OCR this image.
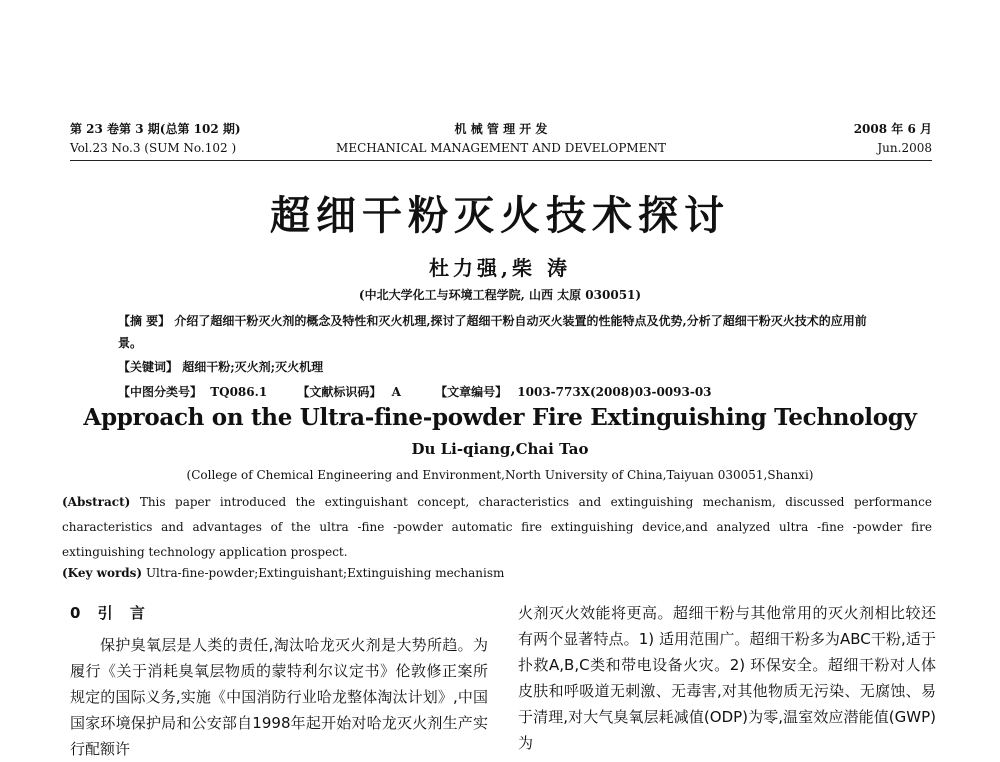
第 23 卷第 3 期(总第 102 期)
Vol.23 No.3 (SUM No.102 )
机 械 管 理 开 发
MECHANICAL MANAGEMENT AND DEVELOPMENT
2008 年 6 月
Jun.2008
超细干粉灭火技术探讨
杜力强,柴 涛
(中北大学化工与环境工程学院, 山西 太原 030051)
【摘 要】 介绍了超细干粉灭火剂的概念及特性和灭火机理,探讨了超细干粉自动灭火装置的性能特点及优势,分析了超细干粉灭火技术的应用前景。
【关键词】 超细干粉;灭火剂;灭火机理
【中图分类号】 TQ086.1	【文献标识码】 A	【文章编号】 1003-773X(2008)03-0093-03
Approach on the Ultra-fine-powder Fire Extinguishing Technology
Du Li-qiang,Chai Tao
(College of Chemical Engineering and Environment,North University of China,Taiyuan 030051,Shanxi)
(Abstract) This paper introduced the extinguishant concept, characteristics and extinguishing mechanism, discussed performance characteristics and advantages of the ultra -fine -powder automatic fire extinguishing device,and analyzed ultra -fine -powder fire extinguishing technology application prospect.
(Key words) Ultra-fine-powder;Extinguishant;Extinguishing mechanism
0 引 言

保护臭氧层是人类的责任,淘汰哈龙灭火剂是大势所趋。为履行《关于消耗臭氧层物质的蒙特利尔议定书》伦敦修正案所规定的国际义务,实施《中国消防行业哈龙整体淘汰计划》,中国国家环境保护局和公安部自1998年起开始对哈龙灭火剂生产实行配额许

火剂灭火效能将更高。超细干粉与其他常用的灭火剂相比较还有两个显著特点。1) 适用范围广。超细干粉多为ABC干粉,适于扑救A,B,C类和带电设备火灾。2) 环保安全。超细干粉对人体皮肤和呼吸道无刺激、无毒害,对其他物质无污染、无腐蚀、易于清理,对大气臭氧层耗减值(ODP)为零,温室效应潜能值(GWP)为
